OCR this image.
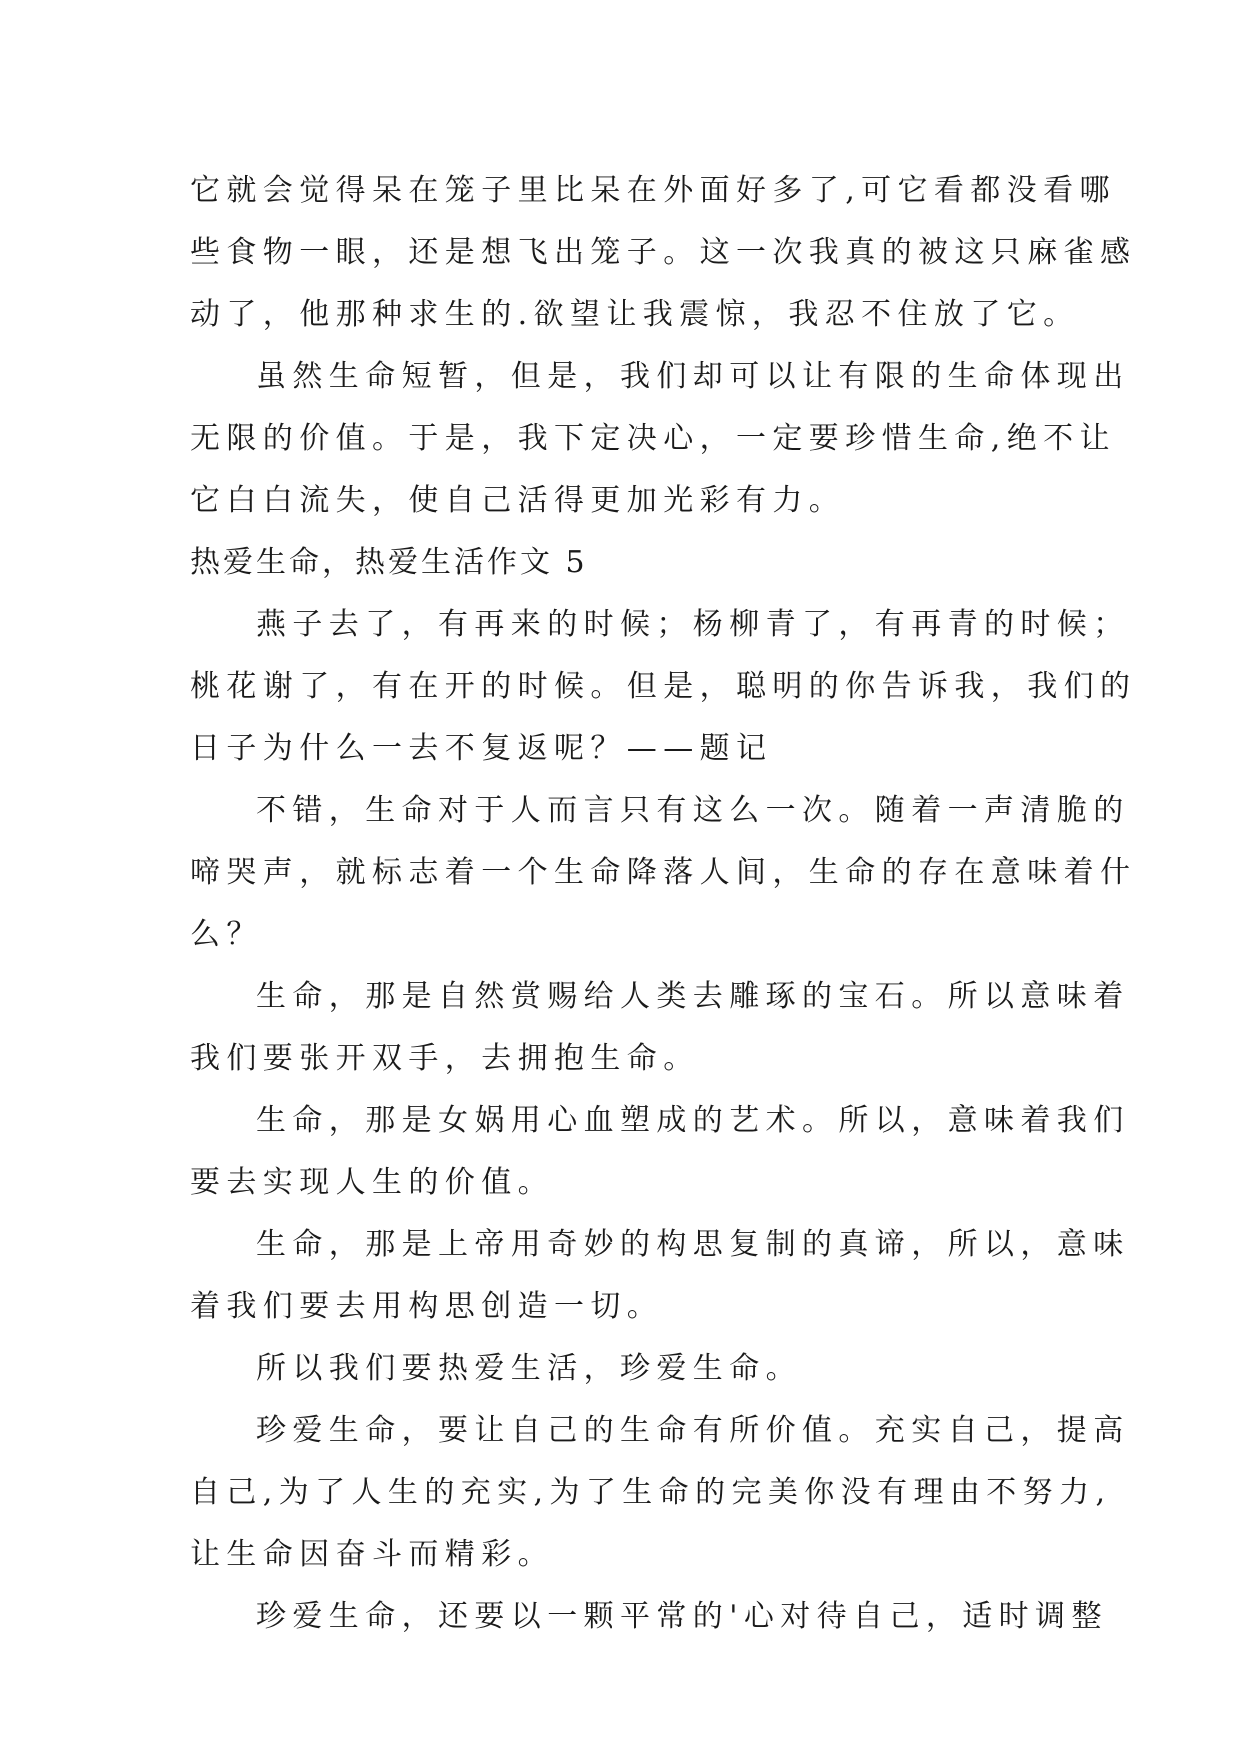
它就会觉得呆在笼子里比呆在外面好多了,可它看都没看哪
些食物一眼，还是想飞出笼子。这一次我真的被这只麻雀感
动了，他那种求生的.欲望让我震惊，我忍不住放了它。
虽然生命短暂，但是，我们却可以让有限的生命体现出
无限的价值。于是，我下定决心，一定要珍惜生命,绝不让
它白白流失，使自己活得更加光彩有力。
热爱生命，热爱生活作文 5
燕子去了，有再来的时候；杨柳青了，有再青的时候；
桃花谢了，有在开的时候。但是，聪明的你告诉我，我们的
日子为什么一去不复返呢？——题记
不错，生命对于人而言只有这么一次。随着一声清脆的
啼哭声，就标志着一个生命降落人间，生命的存在意味着什
么？
生命，那是自然赏赐给人类去雕琢的宝石。所以意味着
我们要张开双手，去拥抱生命。
生命，那是女娲用心血塑成的艺术。所以，意味着我们
要去实现人生的价值。
生命，那是上帝用奇妙的构思复制的真谛，所以，意味
着我们要去用构思创造一切。
所以我们要热爱生活，珍爱生命。
珍爱生命，要让自己的生命有所价值。充实自己，提高
自己,为了人生的充实,为了生命的完美你没有理由不努力,
让生命因奋斗而精彩。
珍爱生命，还要以一颗平常的'心对待自己，适时调整
